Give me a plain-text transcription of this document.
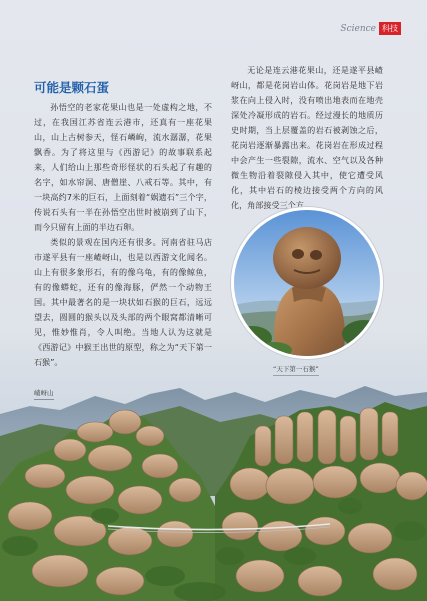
Science 科技
可能是颗石蛋

孙悟空的老家花果山也是一处虚构之地，不过，在我国江苏省连云港市，还真有一座花果山，山上古树参天，怪石嶙峋，流水潺潺，花果飘香。为了将这里与《西游记》的故事联系起来，人们给山上那些奇形怪状的石头起了有趣的名字，如水帘洞、唐僧崖、八戒石等。其中，有一块高约7米的巨石，上面刻着“娲遗石”三个字，传说石头有一半在孙悟空出世时被崩到了山下，而今只留有上面的半边石卵。

类似的景观在国内还有很多。河南省驻马店市遂平县有一座嵖岈山，也是以西游文化闻名。山上有很多象形石，有的像乌龟，有的像鲸鱼，有的像蟒蛇，还有的像海豚，俨然一个动物王国。其中最著名的是一块状如石猴的巨石，远远望去，圆圆的猴头以及头部的两个眼窝都清晰可见，惟妙惟肖，令人叫绝。当地人认为这就是《西游记》中猴王出世的原型，称之为“天下第一石猴”。

无论是连云港花果山，还是遂平县嵖岈山，都是花岗岩山体。花岗岩是地下岩浆在向上侵入时，没有喷出地表而在地壳深处冷凝形成的岩石。经过漫长的地质历史时期，当上层覆盖的岩石被剥蚀之后，花岗岩逐渐暴露出来。花岗岩在形成过程中会产生一些裂隙，流水、空气以及各种微生物沿着裂隙侵入其中，使它遭受风化，其中岩石的棱边接受两个方向的风化，角部接受三个方

“天下第一石猴”
嵖岈山
